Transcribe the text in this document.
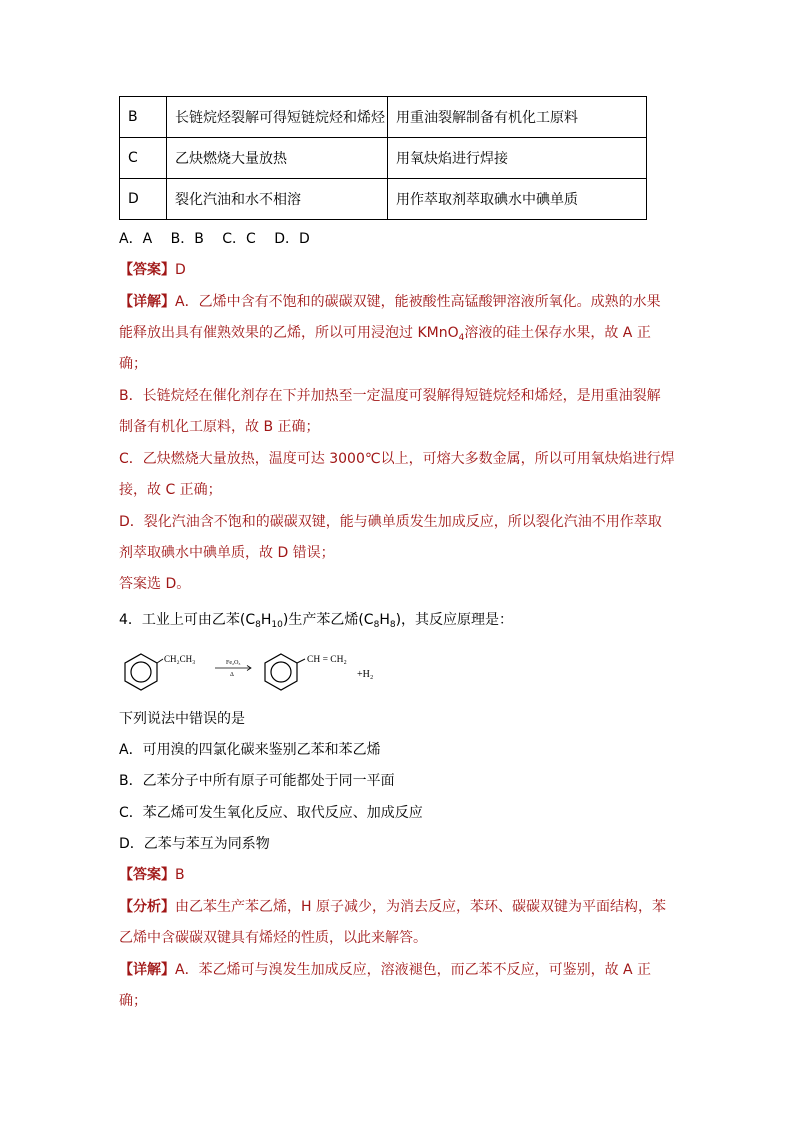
B	长链烷烃裂解可得短链烷烃和烯烃	用重油裂解制备有机化工原料
C	乙炔燃烧大量放热	用氧炔焰进行焊接
D	裂化汽油和水不相溶	用作萃取剂萃取碘水中碘单质
A．A　 B．B　 C．C　 D．D
【答案】D
【详解】A．乙烯中含有不饱和的碳碳双键，能被酸性高锰酸钾溶液所氧化。成熟的水果
能释放出具有催熟效果的乙烯，所以可用浸泡过 KMnO$_4$溶液的硅土保存水果，故 A 正
确；
B．长链烷烃在催化剂存在下并加热至一定温度可裂解得短链烷烃和烯烃，是用重油裂解
制备有机化工原料，故 B 正确；
C．乙炔燃烧大量放热，温度可达 3000℃以上，可熔大多数金属，所以可用氧炔焰进行焊
接，故 C 正确；
D．裂化汽油含不饱和的碳碳双键，能与碘单质发生加成反应，所以裂化汽油不用作萃取
剂萃取碘水中碘单质，故 D 错误；
答案选 D。
4．工业上可由乙苯$(C_8H_{10})$生产苯乙烯$(C_8H_8)$，其反应原理是：
CH₂CH₃	Fe₂O₃
Δ
CH = CH₂
+H₂
下列说法中错误的是
A．可用溴的四氯化碳来鉴别乙苯和苯乙烯
B．乙苯分子中所有原子可能都处于同一平面
C．苯乙烯可发生氧化反应、取代反应、加成反应
D．乙苯与苯互为同系物
【答案】B
【分析】由乙苯生产苯乙烯，H 原子减少，为消去反应，苯环、碳碳双键为平面结构，苯
乙烯中含碳碳双键具有烯烃的性质，以此来解答。
【详解】A．苯乙烯可与溴发生加成反应，溶液褪色，而乙苯不反应，可鉴别，故 A 正
确；
